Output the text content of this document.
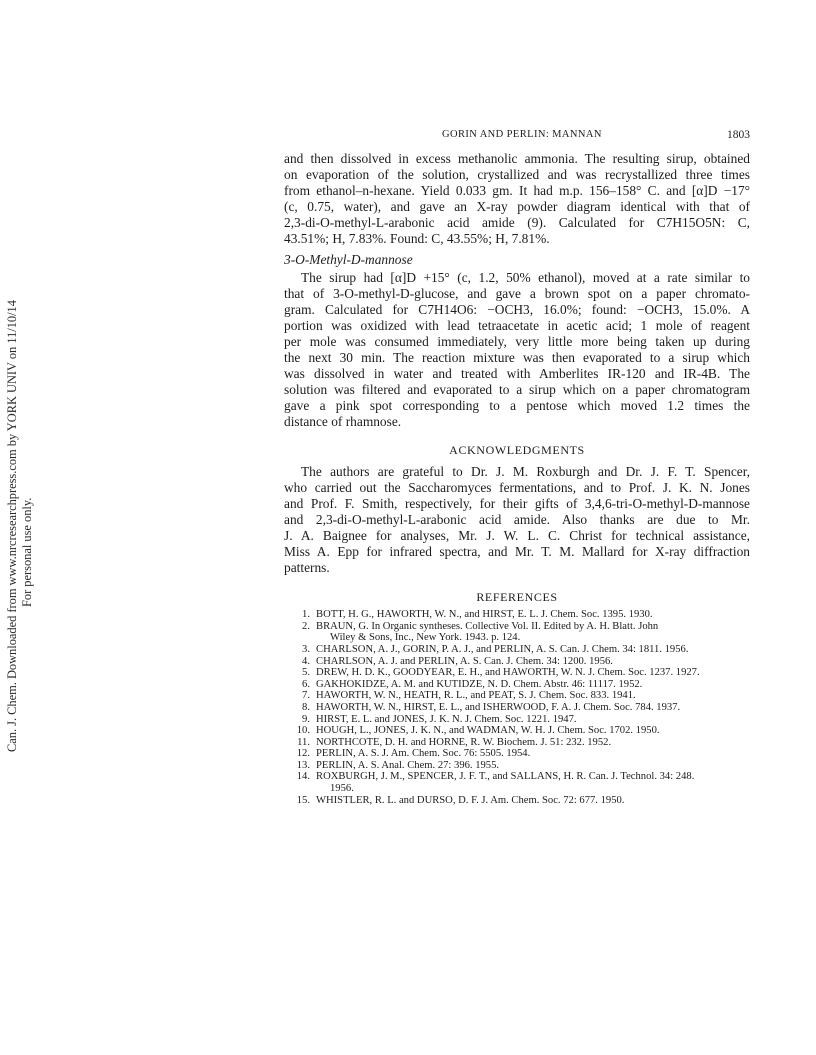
Can. J. Chem. Downloaded from www.nrcresearchpress.com by YORK UNIV on 11/10/14 For personal use only.
GORIN AND PERLIN: MANNAN	1803
and then dissolved in excess methanolic ammonia. The resulting sirup, obtained
on evaporation of the solution, crystallized and was recrystallized three times
from ethanol–n-hexane. Yield 0.033 gm. It had m.p. 156–158° C. and [α]D −17°
(c, 0.75, water), and gave an X-ray powder diagram identical with that of
2,3-di-O-methyl-L-arabonic acid amide (9). Calculated for C7H15O5N: C,
43.51%; H, 7.83%. Found: C, 43.55%; H, 7.81%.
3-O-Methyl-D-mannose
The sirup had [α]D +15° (c, 1.2, 50% ethanol), moved at a rate similar to
that of 3-O-methyl-D-glucose, and gave a brown spot on a paper chromato-
gram. Calculated for C7H14O6: −OCH3, 16.0%; found: −OCH3, 15.0%. A
portion was oxidized with lead tetraacetate in acetic acid; 1 mole of reagent
per mole was consumed immediately, very little more being taken up during
the next 30 min. The reaction mixture was then evaporated to a sirup which
was dissolved in water and treated with Amberlites IR-120 and IR-4B. The
solution was filtered and evaporated to a sirup which on a paper chromatogram
gave a pink spot corresponding to a pentose which moved 1.2 times the
distance of rhamnose.
ACKNOWLEDGMENTS
The authors are grateful to Dr. J. M. Roxburgh and Dr. J. F. T. Spencer,
who carried out the Saccharomyces fermentations, and to Prof. J. K. N. Jones
and Prof. F. Smith, respectively, for their gifts of 3,4,6-tri-O-methyl-D-mannose
and 2,3-di-O-methyl-L-arabonic acid amide. Also thanks are due to Mr.
J. A. Baignee for analyses, Mr. J. W. L. C. Christ for technical assistance,
Miss A. Epp for infrared spectra, and Mr. T. M. Mallard for X-ray diffraction
patterns.
REFERENCES
1. BOTT, H. G., HAWORTH, W. N., and HIRST, E. L. J. Chem. Soc. 1395. 1930.
2. BRAUN, G. In Organic syntheses. Collective Vol. II. Edited by A. H. Blatt. John
Wiley & Sons, Inc., New York. 1943. p. 124.
3. CHARLSON, A. J., GORIN, P. A. J., and PERLIN, A. S. Can. J. Chem. 34: 1811. 1956.
4. CHARLSON, A. J. and PERLIN, A. S. Can. J. Chem. 34: 1200. 1956.
5. DREW, H. D. K., GOODYEAR, E. H., and HAWORTH, W. N. J. Chem. Soc. 1237. 1927.
6. GAKHOKIDZE, A. M. and KUTIDZE, N. D. Chem. Abstr. 46: 11117. 1952.
7. HAWORTH, W. N., HEATH, R. L., and PEAT, S. J. Chem. Soc. 833. 1941.
8. HAWORTH, W. N., HIRST, E. L., and ISHERWOOD, F. A. J. Chem. Soc. 784. 1937.
9. HIRST, E. L. and JONES, J. K. N. J. Chem. Soc. 1221. 1947.
10. HOUGH, L., JONES, J. K. N., and WADMAN, W. H. J. Chem. Soc. 1702. 1950.
11. NORTHCOTE, D. H. and HORNE, R. W. Biochem. J. 51: 232. 1952.
12. PERLIN, A. S. J. Am. Chem. Soc. 76: 5505. 1954.
13. PERLIN, A. S. Anal. Chem. 27: 396. 1955.
14. ROXBURGH, J. M., SPENCER, J. F. T., and SALLANS, H. R. Can. J. Technol. 34: 248.
1956.
15. WHISTLER, R. L. and DURSO, D. F. J. Am. Chem. Soc. 72: 677. 1950.
